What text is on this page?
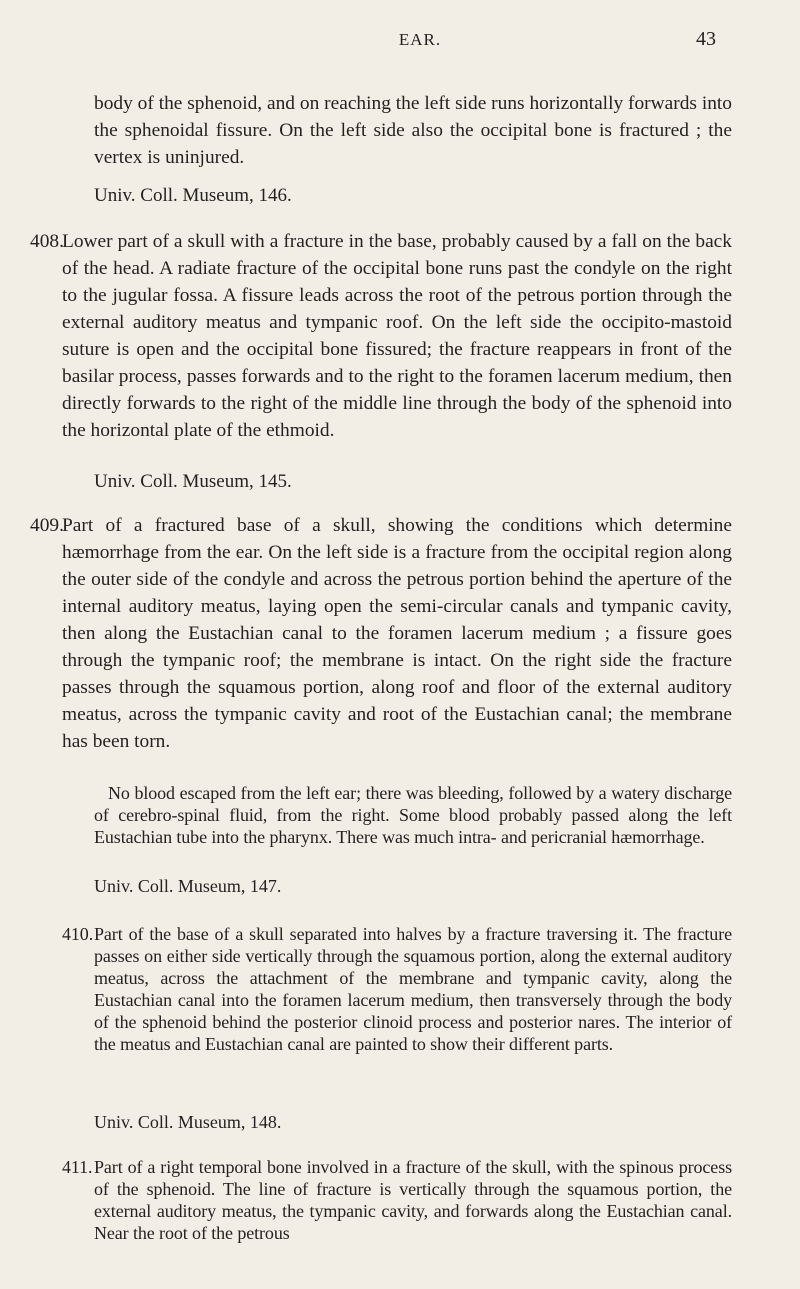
EAR.	43
body of the sphenoid, and on reaching the left side runs horizontally forwards into the sphenoidal fissure. On the left side also the occipital bone is fractured ; the vertex is uninjured.
Univ. Coll. Museum, 146.
408.Lower part of a skull with a fracture in the base, probably caused by a fall on the back of the head. A radiate fracture of the occipital bone runs past the condyle on the right to the jugular fossa. A fissure leads across the root of the petrous portion through the external auditory meatus and tympanic roof. On the left side the occipito-mastoid suture is open and the occipital bone fissured; the fracture reappears in front of the basilar process, passes forwards and to the right to the foramen lacerum medium, then directly forwards to the right of the middle line through the body of the sphenoid into the horizontal plate of the ethmoid.
Univ. Coll. Museum, 145.
409.Part of a fractured base of a skull, showing the conditions which determine hæmorrhage from the ear. On the left side is a fracture from the occipital region along the outer side of the condyle and across the petrous portion behind the aperture of the internal auditory meatus, laying open the semi-circular canals and tympanic cavity, then along the Eustachian canal to the foramen lacerum medium ; a fissure goes through the tympanic roof; the membrane is intact. On the right side the fracture passes through the squamous portion, along roof and floor of the external auditory meatus, across the tympanic cavity and root of the Eustachian canal; the membrane has been torn.
No blood escaped from the left ear; there was bleeding, followed by a watery discharge of cerebro-spinal fluid, from the right. Some blood probably passed along the left Eustachian tube into the pharynx. There was much intra- and pericranial hæmorrhage.
Univ. Coll. Museum, 147.
410.Part of the base of a skull separated into halves by a fracture traversing it. The fracture passes on either side vertically through the squamous portion, along the external auditory meatus, across the attachment of the membrane and tympanic cavity, along the Eustachian canal into the foramen lacerum medium, then transversely through the body of the sphenoid behind the posterior clinoid process and posterior nares. The interior of the meatus and Eustachian canal are painted to show their different parts.
Univ. Coll. Museum, 148.
411.Part of a right temporal bone involved in a fracture of the skull, with the spinous process of the sphenoid. The line of fracture is vertically through the squamous portion, the external auditory meatus, the tympanic cavity, and forwards along the Eustachian canal. Near the root of the petrous
